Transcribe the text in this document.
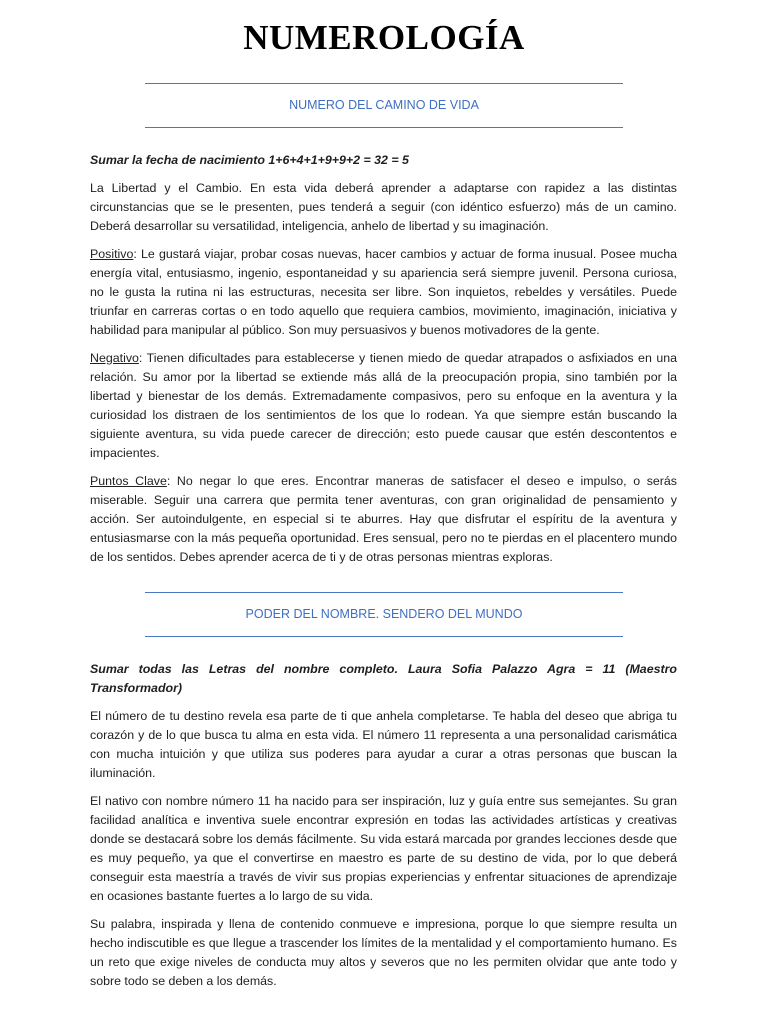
NUMEROLOGÍA
NUMERO DEL CAMINO DE VIDA

Sumar la fecha de nacimiento 1+6+4+1+9+9+2 = 32 = 5

La Libertad y el Cambio. En esta vida deberá aprender a adaptarse con rapidez a las distintas circunstancias que se le presenten, pues tenderá a seguir (con idéntico esfuerzo) más de un camino. Deberá desarrollar su versatilidad, inteligencia, anhelo de libertad y su imaginación.

Positivo: Le gustará viajar, probar cosas nuevas, hacer cambios y actuar de forma inusual. Posee mucha energía vital, entusiasmo, ingenio, espontaneidad y su apariencia será siempre juvenil. Persona curiosa, no le gusta la rutina ni las estructuras, necesita ser libre. Son inquietos, rebeldes y versátiles. Puede triunfar en carreras cortas o en todo aquello que requiera cambios, movimiento, imaginación, iniciativa y habilidad para manipular al público. Son muy persuasivos y buenos motivadores de la gente.

Negativo: Tienen dificultades para establecerse y tienen miedo de quedar atrapados o asfixiados en una relación. Su amor por la libertad se extiende más allá de la preocupación propia, sino también por la libertad y bienestar de los demás. Extremadamente compasivos, pero su enfoque en la aventura y la curiosidad los distraen de los sentimientos de los que lo rodean. Ya que siempre están buscando la siguiente aventura, su vida puede carecer de dirección; esto puede causar que estén descontentos e impacientes.

Puntos Clave: No negar lo que eres. Encontrar maneras de satisfacer el deseo e impulso, o serás miserable. Seguir una carrera que permita tener aventuras, con gran originalidad de pensamiento y acción. Ser autoindulgente, en especial si te aburres. Hay que disfrutar el espíritu de la aventura y entusiasmarse con la más pequeña oportunidad. Eres sensual, pero no te pierdas en el placentero mundo de los sentidos. Debes aprender acerca de ti y de otras personas mientras exploras.

PODER DEL NOMBRE. SENDERO DEL MUNDO

Sumar todas las Letras del nombre completo. Laura Sofia Palazzo Agra = 11 (Maestro Transformador)

El número de tu destino revela esa parte de ti que anhela completarse. Te habla del deseo que abriga tu corazón y de lo que busca tu alma en esta vida. El número 11 representa a una personalidad carismática con mucha intuición y que utiliza sus poderes para ayudar a curar a otras personas que buscan la iluminación.

El nativo con nombre número 11 ha nacido para ser inspiración, luz y guía entre sus semejantes. Su gran facilidad analítica e inventiva suele encontrar expresión en todas las actividades artísticas y creativas donde se destacará sobre los demás fácilmente. Su vida estará marcada por grandes lecciones desde que es muy pequeño, ya que el convertirse en maestro es parte de su destino de vida, por lo que deberá conseguir esta maestría a través de vivir sus propias experiencias y enfrentar situaciones de aprendizaje en ocasiones bastante fuertes a lo largo de su vida.

Su palabra, inspirada y llena de contenido conmueve e impresiona, porque lo que siempre resulta un hecho indiscutible es que llegue a trascender los límites de la mentalidad y el comportamiento humano. Es un reto que exige niveles de conducta muy altos y severos que no les permiten olvidar que ante todo y sobre todo se deben a los demás.
